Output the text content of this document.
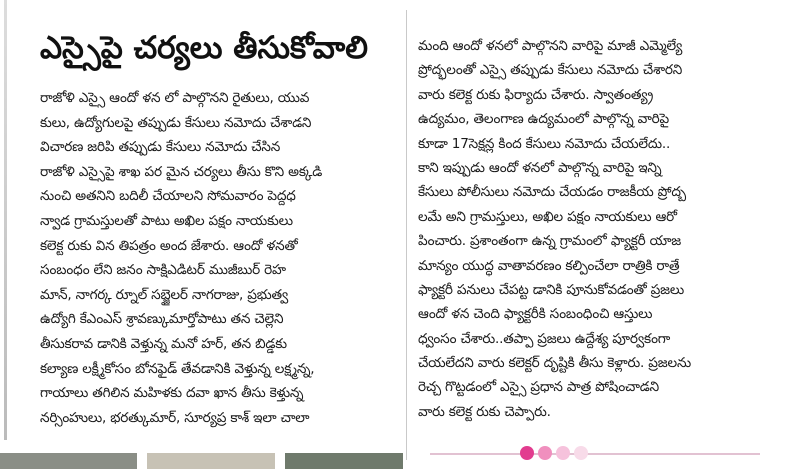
ఎస్సైపై చర్యలు తీసుకోవాలి
రాజోళి ఎస్సై ఆందో ళన లో పాల్గొనని రైతులు, యువ
కులు, ఉద్యోగులపై తప్పుడు కేసులు నమోదు చేశాడని
విచారణ జరిపి తప్పుడు కేసులు నమోదు చేసిన
రాజోళి ఎస్సైపై శాఖ పర మైన చర్యలు తీసు కొని అక్కడి
నుంచి అతనిని బదిలీ చేయాలని సోమవారం పెద్దధ
న్వాడ గ్రామస్తులతో పాటు అఖిల పక్షం నాయకులు
కలెక్ట రుకు విన తిపత్రం అంద జేశారు. ఆందో ళనతో
సంబంధం లేని జనం సాక్షిఎడిటర్ ముజీబుర్ రెహ
మాన్, నాగర్క ర్నూల్ సబ్జైలర్ నాగరాజు, ప్రభుత్వ
ఉద్యోగి కేఎంఎస్ శ్రావణ్కుమార్తోపాటు తన చెల్లెని
తీసుకరావ డానికి వెళ్తున్న మనో హర్, తన బిడ్డకు
కల్యాణ లక్ష్మీకోసం బోనఫైడ్ తేవడానికి వెళ్తున్న లక్ష్మన్న,
గాయాలు తగిలిన మహిళకు దవా ఖాన తీసు కెళ్తున్న
నర్సింహులు, భరత్కుమార్, సూర్యప్ర కాశ్ ఇలా చాలా
మంది ఆందో ళనలో పాల్గొనని వారిపై మాజీ ఎమ్మెల్యే
ప్రోద్భలంతో ఎస్సై తప్పుడు కేసులు నమోదు చేశారని
వారు కలెక్ట రుకు ఫిర్యాదు చేశారు. స్వాతంత్య్ర
ఉద్యమం, తెలంగాణ ఉద్యమంలో పాల్గొన్న వారిపై
కూడా 17సెక్షన్ల కింద కేసులు నమోదు చేయలేదు..
కాని ఇప్పుడు ఆందో ళనలో పాల్గొన్న వారిపై ఇన్ని
కేసులు పోలీసులు నమోదు చేయడం రాజకీయ ప్రోద్బ
లమే అని గ్రామస్తులు, అఖిల పక్షం నాయకులు ఆరో
పించారు. ప్రశాంతంగా ఉన్న గ్రామంలో ఫ్యాక్టరీ యాజ
మాన్యం యుద్ధ వాతావరణం కల్పించేలా రాత్రికి రాత్రే
ఫ్యాక్టరీ పనులు చేపట్ట డానికి పూనుకోవడంతో ప్రజలు
ఆందో ళన చెంది ఫ్యాక్టరీకి సంబంధించి ఆస్తులు
ధ్వంసం చేశారు..తప్పా ప్రజలు ఉద్దేశ్య పూర్వకంగా
చేయలేదని వారు కలెక్టర్ దృష్టికి తీసు కెళ్లారు. ప్రజలను
రెచ్చ గొట్టడంలో ఎస్సై ప్రధాన పాత్ర పోషించాడని
వారు కలెక్ట రుకు చెప్పారు.
